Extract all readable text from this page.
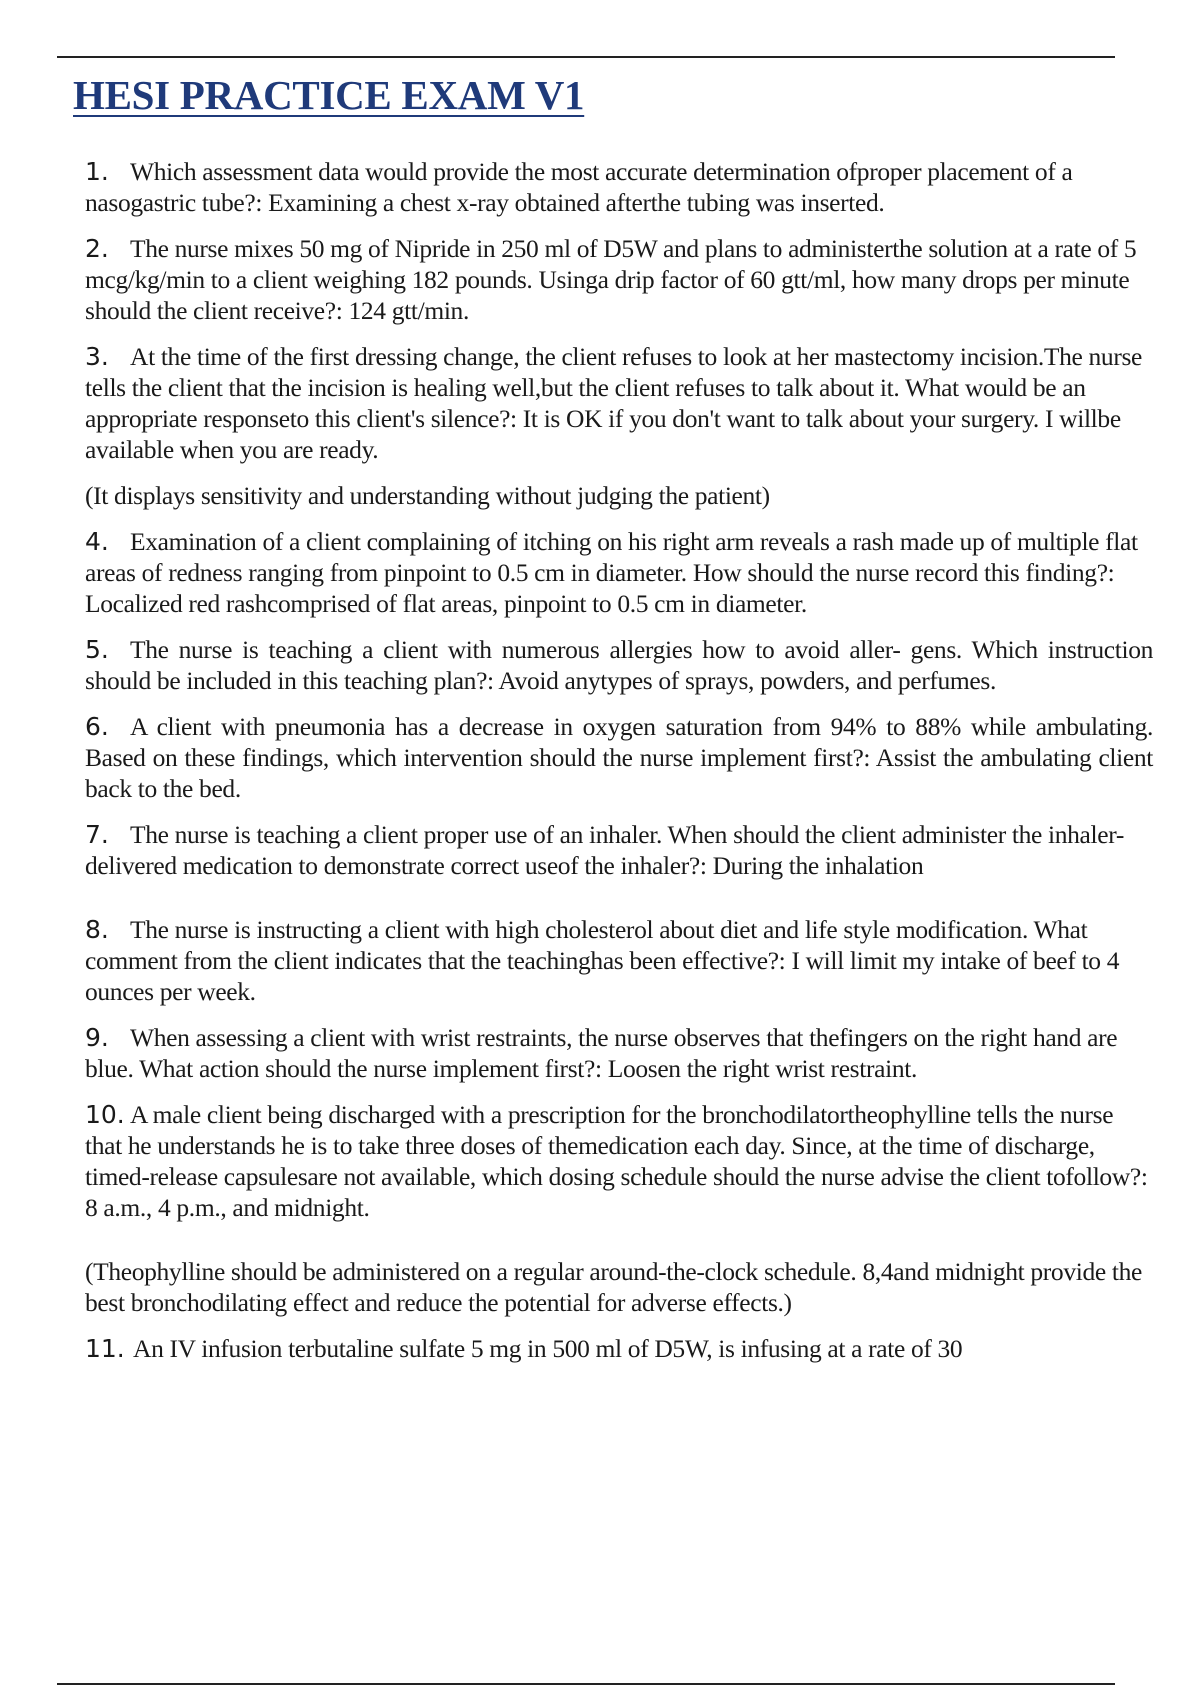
HESI PRACTICE EXAM V1

1. Which assessment data would provide the most accurate determination ofproper placement of a nasogastric tube?: Examining a chest x-ray obtained afterthe tubing was inserted.

2. The nurse mixes 50 mg of Nipride in 250 ml of D5W and plans to administerthe solution at a rate of 5 mcg/kg/min to a client weighing 182 pounds. Usinga drip factor of 60 gtt/ml, how many drops per minute should the client receive?: 124 gtt/min.

3. At the time of the first dressing change, the client refuses to look at her mastectomy incision.The nurse tells the client that the incision is healing well,but the client refuses to talk about it. What would be an appropriate responseto this client's silence?: It is OK if you don't want to talk about your surgery. I willbe available when you are ready.

(It displays sensitivity and understanding without judging the patient)

4. Examination of a client complaining of itching on his right arm reveals a rash made up of multiple flat areas of redness ranging from pinpoint to 0.5 cm in diameter. How should the nurse record this finding?: Localized red rashcomprised of flat areas, pinpoint to 0.5 cm in diameter.

5. The nurse is teaching a client with numerous allergies how to avoid aller- gens. Which instruction should be included in this teaching plan?: Avoid anytypes of sprays, powders, and perfumes.

6. A client with pneumonia has a decrease in oxygen saturation from 94% to 88% while ambulating. Based on these findings, which intervention should the nurse implement first?: Assist the ambulating client back to the bed.

7. The nurse is teaching a client proper use of an inhaler. When should the client administer the inhaler-delivered medication to demonstrate correct useof the inhaler?: During the inhalation

8. The nurse is instructing a client with high cholesterol about diet and life style modification. What comment from the client indicates that the teachinghas been effective?: I will limit my intake of beef to 4 ounces per week.

9. When assessing a client with wrist restraints, the nurse observes that thefingers on the right hand are blue. What action should the nurse implement first?: Loosen the right wrist restraint.

10. A male client being discharged with a prescription for the bronchodilatortheophylline tells the nurse that he understands he is to take three doses of themedication each day. Since, at the time of discharge, timed-release capsulesare not available, which dosing schedule should the nurse advise the client tofollow?: 8 a.m., 4 p.m., and midnight.

(Theophylline should be administered on a regular around-the-clock schedule. 8,4and midnight provide the best bronchodilating effect and reduce the potential for adverse effects.)

11. An IV infusion terbutaline sulfate 5 mg in 500 ml of D5W, is infusing at a rate of 30
